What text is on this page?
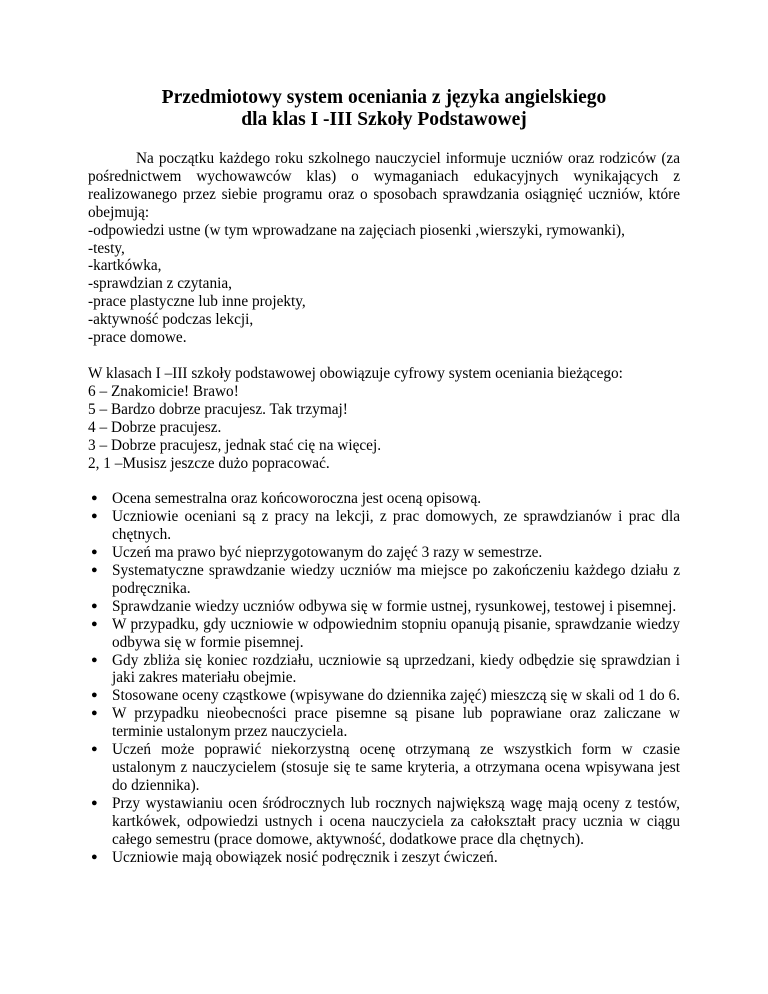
Przedmiotowy system oceniania z języka angielskiego
dla klas I -III Szkoły Podstawowej

Na początku każdego roku szkolnego nauczyciel informuje uczniów oraz rodziców (za pośrednictwem wychowawców klas) o wymaganiach edukacyjnych wynikających z realizowanego przez siebie programu oraz o sposobach sprawdzania osiągnięć uczniów, które obejmują:

-odpowiedzi ustne (w tym wprowadzane na zajęciach piosenki ,wierszyki, rymowanki),

-testy,

-kartkówka,

-sprawdzian z czytania,

-prace plastyczne lub inne projekty,

-aktywność podczas lekcji,

-prace domowe.

W klasach I –III szkoły podstawowej obowiązuje cyfrowy system oceniania bieżącego:

6 – Znakomicie! Brawo!

5 – Bardzo dobrze pracujesz. Tak trzymaj!

4 – Dobrze pracujesz.

3 – Dobrze pracujesz, jednak stać cię na więcej.

2, 1 –Musisz jeszcze dużo popracować.

● Ocena semestralna oraz końcoworoczna jest oceną opisową.
● Uczniowie oceniani są z pracy na lekcji, z prac domowych, ze sprawdzianów i prac dla chętnych.
● Uczeń ma prawo być nieprzygotowanym do zajęć 3 razy w semestrze.
● Systematyczne sprawdzanie wiedzy uczniów ma miejsce po zakończeniu każdego działu z podręcznika.
● Sprawdzanie wiedzy uczniów odbywa się w formie ustnej, rysunkowej, testowej i pisemnej.
● W przypadku, gdy uczniowie w odpowiednim stopniu opanują pisanie, sprawdzanie wiedzy odbywa się w formie pisemnej.
● Gdy zbliża się koniec rozdziału, uczniowie są uprzedzani, kiedy odbędzie się sprawdzian i jaki zakres materiału obejmie.
● Stosowane oceny cząstkowe (wpisywane do dziennika zajęć) mieszczą się w skali od 1 do 6.
● W przypadku nieobecności prace pisemne są pisane lub poprawiane oraz zaliczane w terminie ustalonym przez nauczyciela.
● Uczeń może poprawić niekorzystną ocenę otrzymaną ze wszystkich form w czasie ustalonym z nauczycielem (stosuje się te same kryteria, a otrzymana ocena wpisywana jest do dziennika).
● Przy wystawianiu ocen śródrocznych lub rocznych największą wagę mają oceny z testów, kartkówek, odpowiedzi ustnych i ocena nauczyciela za całokształt pracy ucznia w ciągu całego semestru (prace domowe, aktywność, dodatkowe prace dla chętnych).
● Uczniowie mają obowiązek nosić podręcznik i zeszyt ćwiczeń.
